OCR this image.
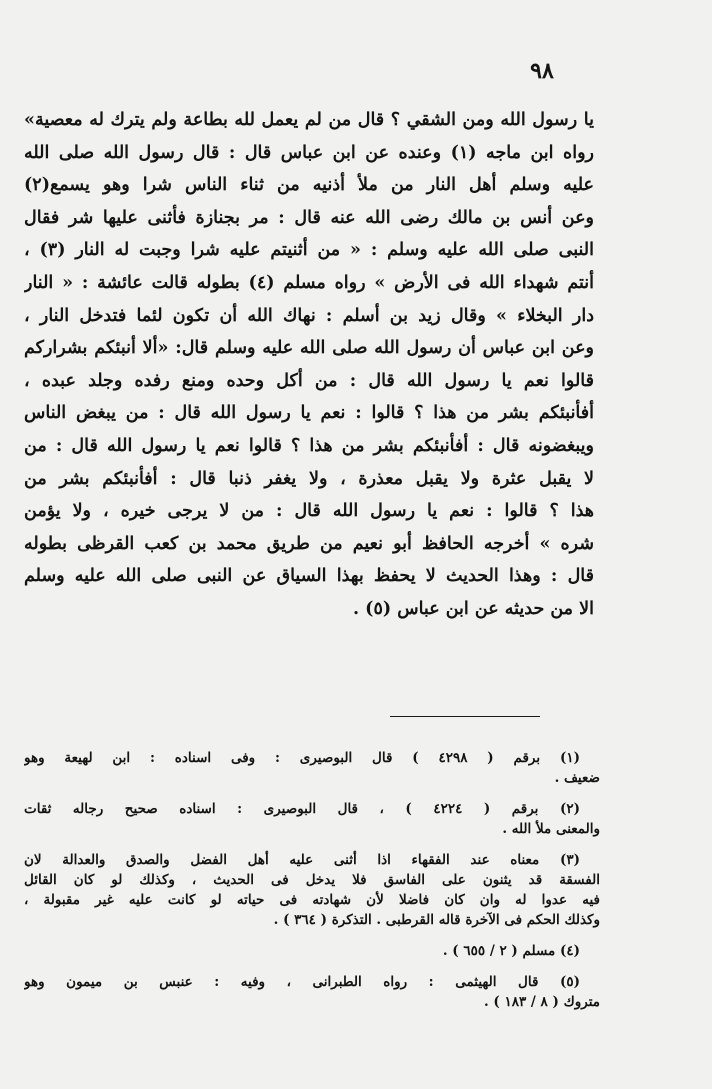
٩٨
يا رسول الله ومن الشقي ؟ قال من لم يعمل لله بطاعة ولم يترك له معصية»
رواه ابن ماجه (١) وعنده عن ابن عباس قال : قال رسول الله صلى الله
عليه وسلم أهل النار من ملأ أذنيه من ثناء الناس شرا وهو يسمع(٢)
وعن أنس بن مالك رضى الله عنه قال : مر بجنازة فأثنى عليها شر فقال
النبى صلى الله عليه وسلم : « من أثنيتم عليه شرا وجبت له النار (٣) ،
أنتم شهداء الله فى الأرض » رواه مسلم (٤) بطوله قالت عائشة : « النار
دار البخلاء » وقال زيد بن أسلم : نهاك الله أن تكون لئما فتدخل النار ،
وعن ابن عباس أن رسول الله صلى الله عليه وسلم قال: «ألا أنبئكم بشراركم
قالوا نعم يا رسول الله قال : من أكل وحده ومنع رفده وجلد عبده ،
أفأنبئكم بشر من هذا ؟ قالوا : نعم يا رسول الله قال : من يبغض الناس
ويبغضونه قال : أفأنبئكم بشر من هذا ؟ قالوا نعم يا رسول الله قال : من
لا يقبل عثرة ولا يقبل معذرة ، ولا يغفر ذنبا قال : أفأنبئكم بشر من
هذا ؟ قالوا : نعم يا رسول الله قال : من لا يرجى خيره ، ولا يؤمن
شره » أخرجه الحافظ أبو نعيم من طريق محمد بن كعب القرظى بطوله
قال : وهذا الحديث لا يحفظ بهذا السياق عن النبى صلى الله عليه وسلم
الا من حديثه عن ابن عباس (٥) .
(١) برقم ( ٤٢٩٨ ) قال البوصيرى : وفى اسناده : ابن لهيعة وهو
ضعيف .
(٢) برقم ( ٤٢٢٤ ) ، قال البوصيرى : اسناده صحيح رجاله ثقات
والمعنى ملأ الله .
(٣) معناه عند الفقهاء اذا أثنى عليه أهل الفضل والصدق والعدالة لان
الفسقة قد يثنون على الفاسق فلا يدخل فى الحديث ، وكذلك لو كان القائل
فيه عدوا له وان كان فاضلا لأن شهادته فى حياته لو كانت عليه غير مقبولة ،
وكذلك الحكم فى الآخرة قاله القرطبى . التذكرة ( ٣٦٤ ) .
(٤) مسلم ( ٢ / ٦٥٥ ) .
(٥) قال الهيثمى : رواه الطبرانى ، وفيه : عنبس بن ميمون وهو
متروك ( ٨ / ١٨٣ ) .
